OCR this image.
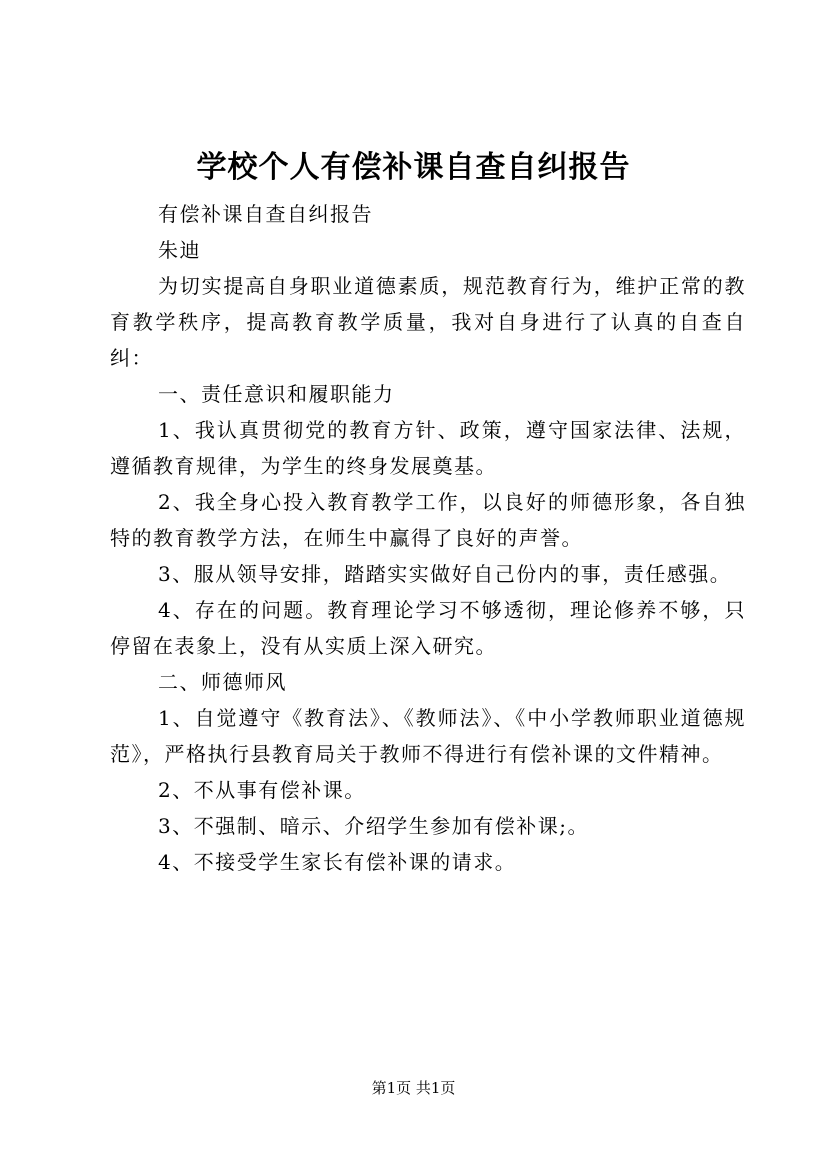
学校个人有偿补课自查自纠报告

有偿补课自查自纠报告

朱迪

为切实提高自身职业道德素质，规范教育行为，维护正常的教育教学秩序，提高教育教学质量，我对自身进行了认真的自查自纠：

一、责任意识和履职能力

1、我认真贯彻党的教育方针、政策，遵守国家法律、法规，遵循教育规律，为学生的终身发展奠基。

2、我全身心投入教育教学工作，以良好的师德形象，各自独特的教育教学方法，在师生中赢得了良好的声誉。

3、服从领导安排，踏踏实实做好自己份内的事，责任感强。

4、存在的问题。教育理论学习不够透彻，理论修养不够，只停留在表象上，没有从实质上深入研究。

二、师德师风

1、自觉遵守《教育法》、《教师法》、《中小学教师职业道德规范》，严格执行县教育局关于教师不得进行有偿补课的文件精神。

2、不从事有偿补课。

3、不强制、暗示、介绍学生参加有偿补课;。

4、不接受学生家长有偿补课的请求。

第1页 共1页
